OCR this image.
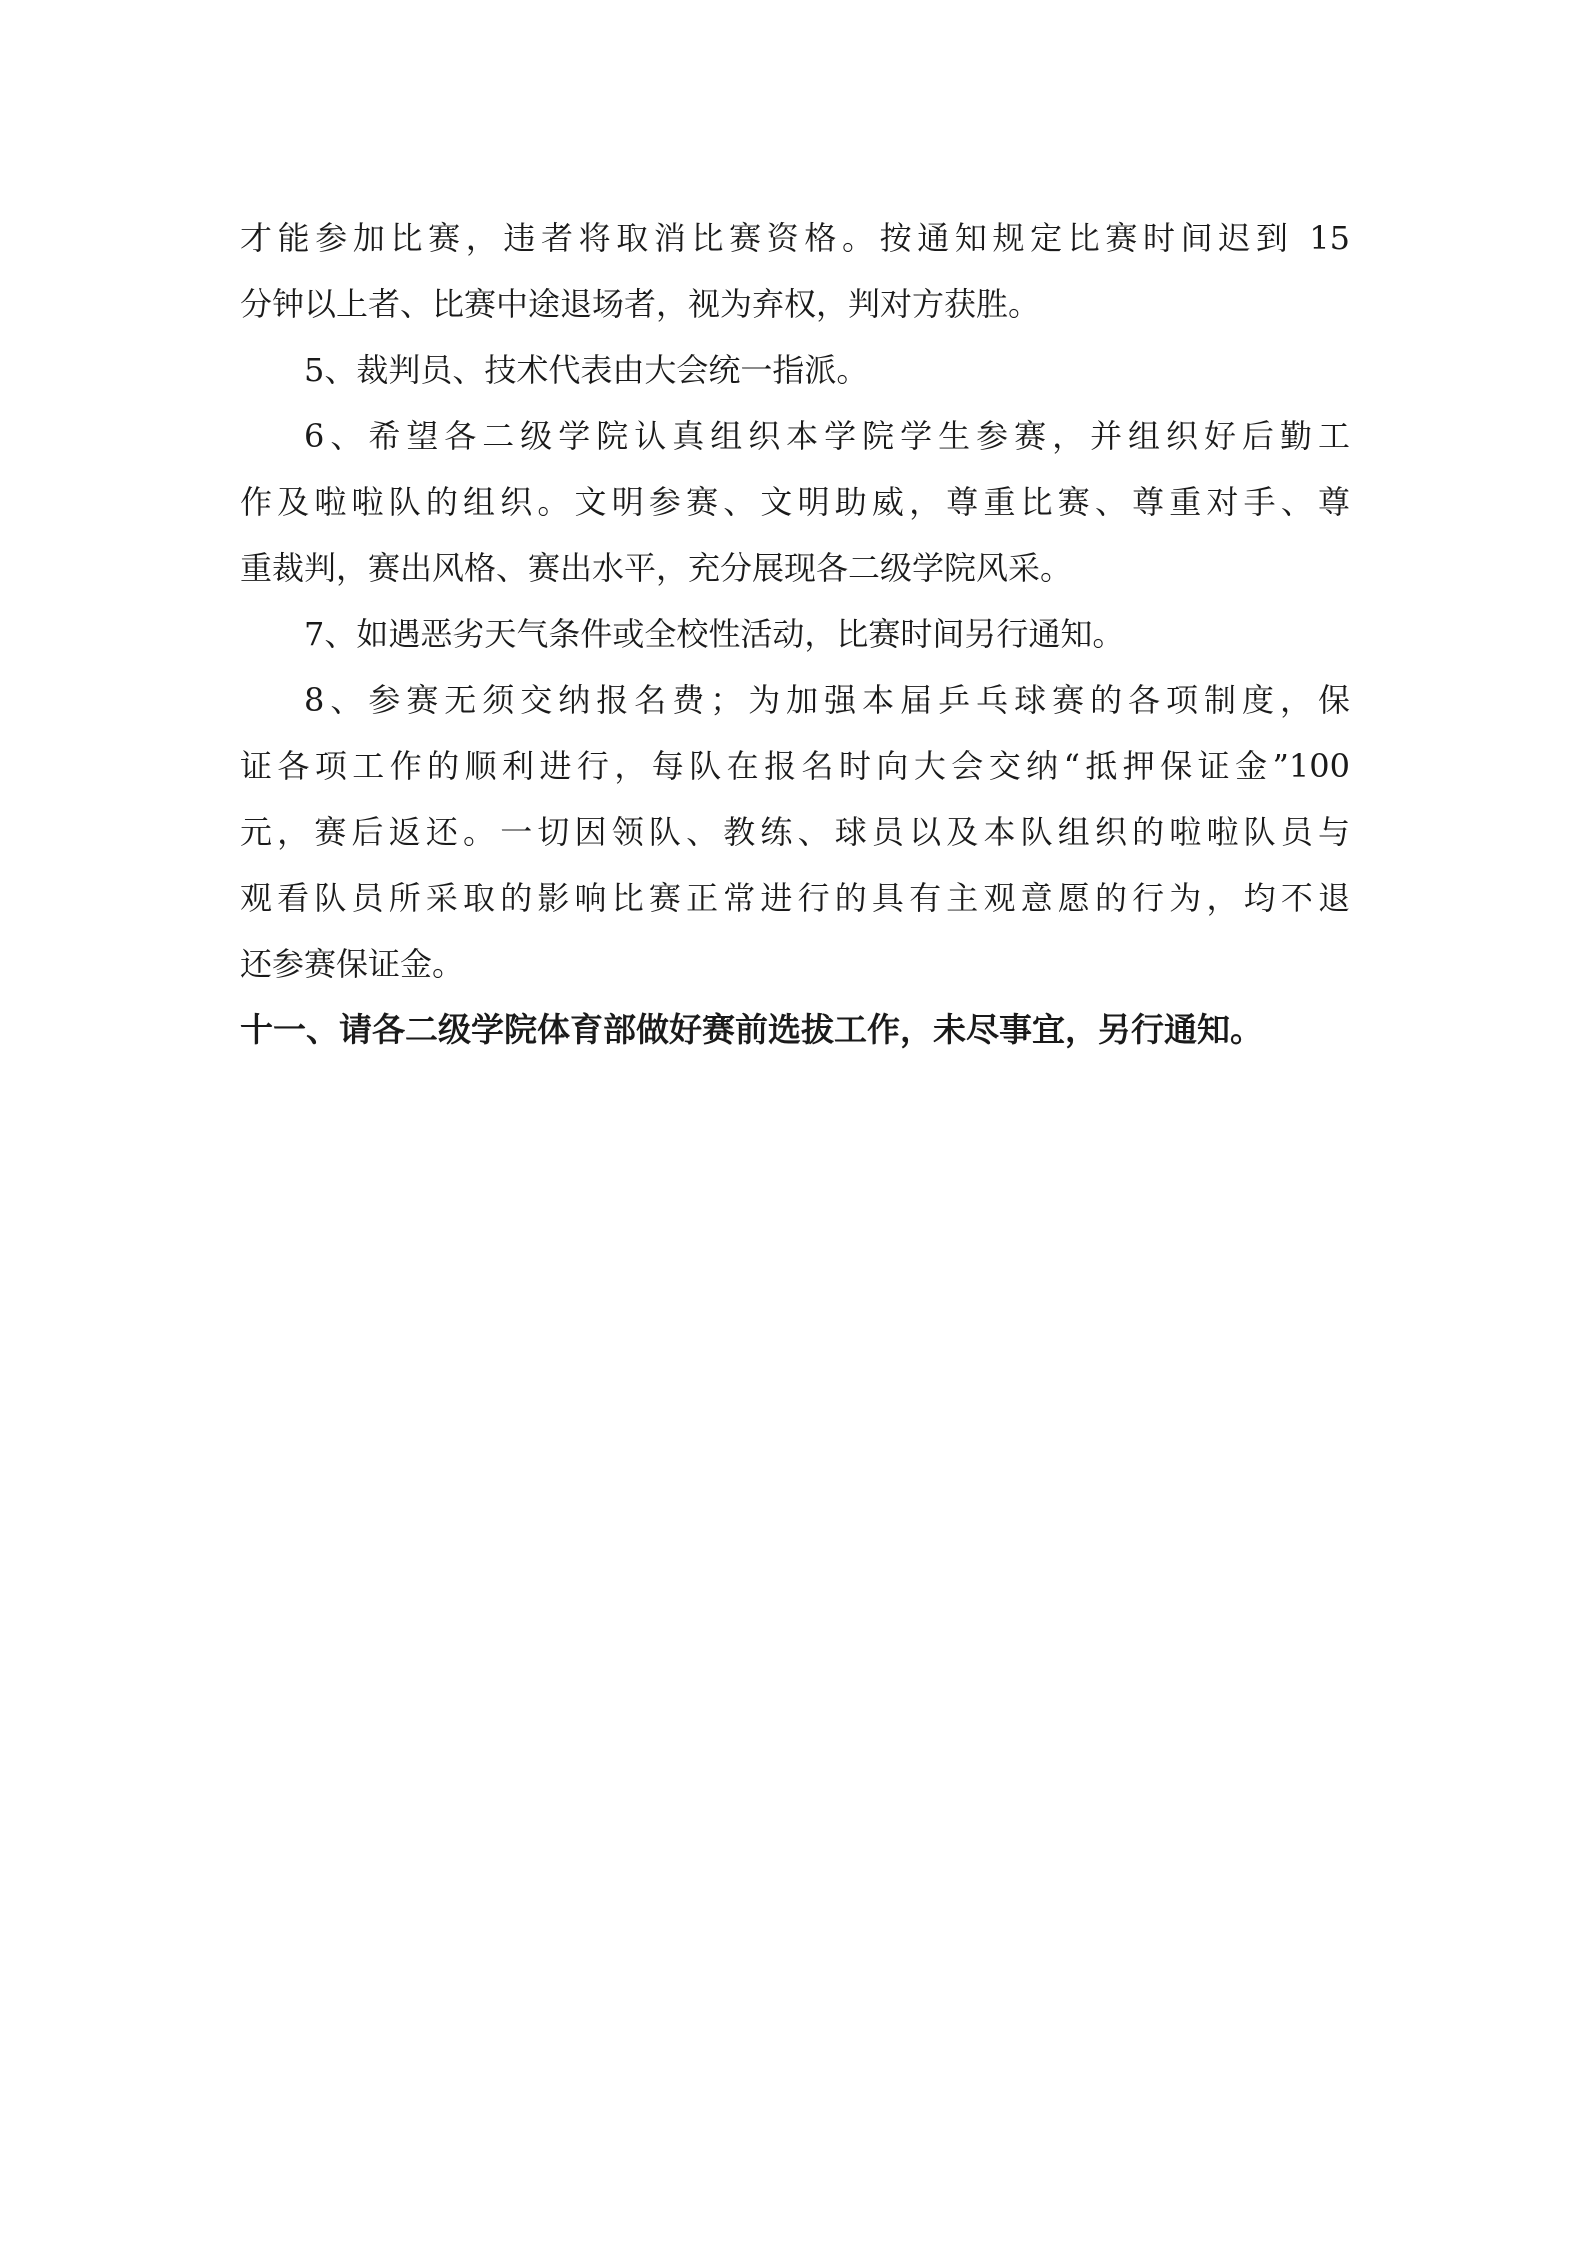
才能参加比赛，违者将取消比赛资格。按通知规定比赛时间迟到 15
分钟以上者、比赛中途退场者，视为弃权，判对方获胜。
5、裁判员、技术代表由大会统一指派。
6、希望各二级学院认真组织本学院学生参赛，并组织好后勤工
作及啦啦队的组织。文明参赛、文明助威，尊重比赛、尊重对手、尊
重裁判，赛出风格、赛出水平，充分展现各二级学院风采。
7、如遇恶劣天气条件或全校性活动，比赛时间另行通知。
8、参赛无须交纳报名费；为加强本届乒乓球赛的各项制度，保
证各项工作的顺利进行，每队在报名时向大会交纳“抵押保证金”100
元，赛后返还。一切因领队、教练、球员以及本队组织的啦啦队员与
观看队员所采取的影响比赛正常进行的具有主观意愿的行为，均不退
还参赛保证金。
十一、请各二级学院体育部做好赛前选拔工作，未尽事宜，另行通知。
